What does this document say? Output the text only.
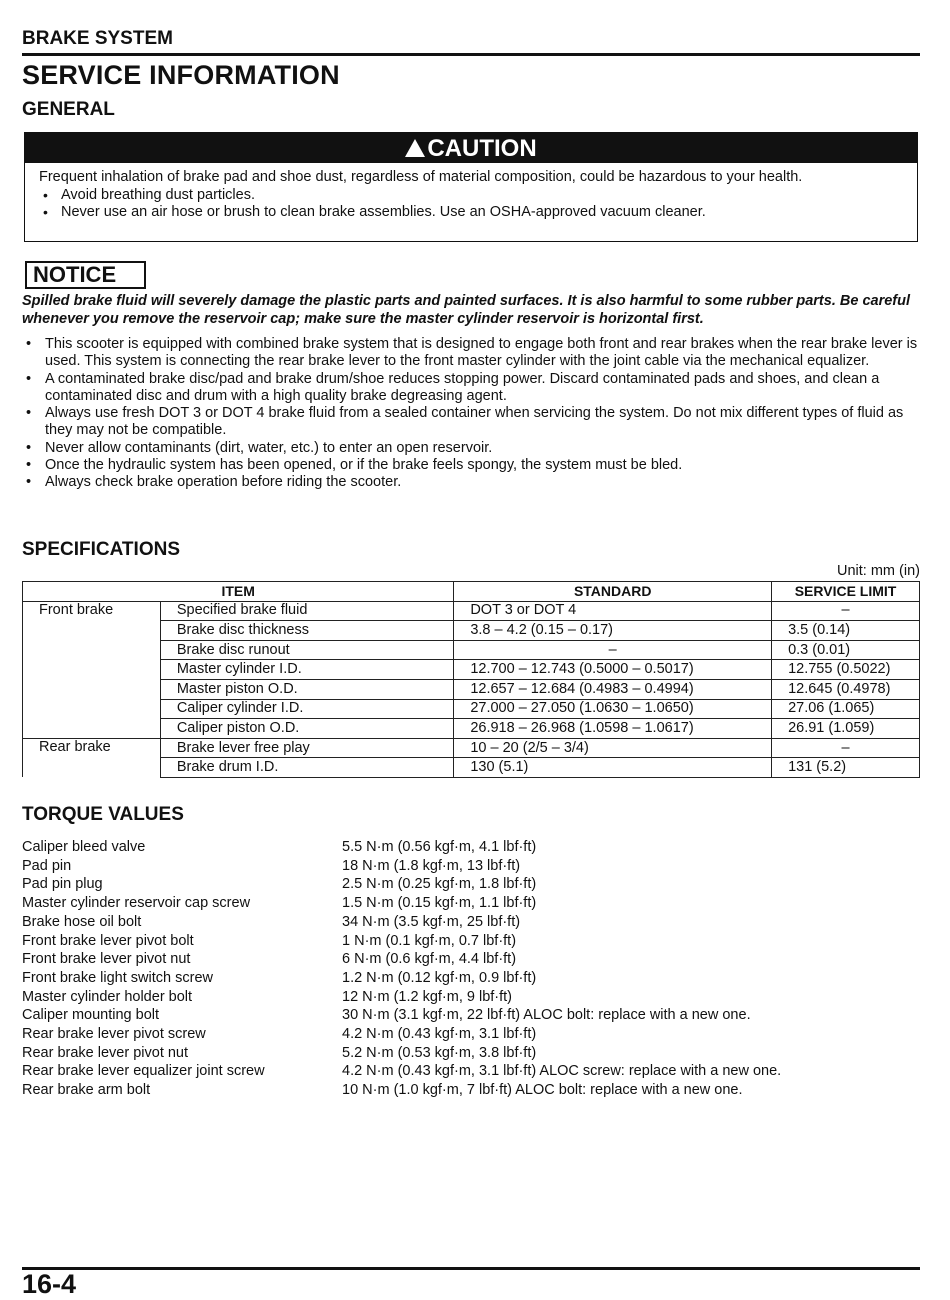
BRAKE SYSTEM
SERVICE INFORMATION
GENERAL
CAUTION
Frequent inhalation of brake pad and shoe dust, regardless of material composition, could be hazardous to your health.
• Avoid breathing dust particles.
• Never use an air hose or brush to clean brake assemblies. Use an OSHA-approved vacuum cleaner.
NOTICE
Spilled brake fluid will severely damage the plastic parts and painted surfaces. It is also harmful to some rubber parts. Be careful whenever you remove the reservoir cap; make sure the master cylinder reservoir is horizontal first.
• This scooter is equipped with combined brake system that is designed to engage both front and rear brakes when the rear brake lever is used. This system is connecting the rear brake lever to the front master cylinder with the joint cable via the mechanical equalizer.
• A contaminated brake disc/pad and brake drum/shoe reduces stopping power. Discard contaminated pads and shoes, and clean a contaminated disc and drum with a high quality brake degreasing agent.
• Always use fresh DOT 3 or DOT 4 brake fluid from a sealed container when servicing the system. Do not mix different types of fluid as they may not be compatible.
• Never allow contaminants (dirt, water, etc.) to enter an open reservoir.
• Once the hydraulic system has been opened, or if the brake feels spongy, the system must be bled.
• Always check brake operation before riding the scooter.
SPECIFICATIONS
Unit: mm (in)
ITEM		STANDARD	SERVICE LIMIT
Front brake	Specified brake fluid	DOT 3 or DOT 4	–
	Brake disc thickness	3.8 – 4.2 (0.15 – 0.17)	3.5 (0.14)
	Brake disc runout	–	0.3 (0.01)
	Master cylinder I.D.	12.700 – 12.743 (0.5000 – 0.5017)	12.755 (0.5022)
	Master piston O.D.	12.657 – 12.684 (0.4983 – 0.4994)	12.645 (0.4978)
	Caliper cylinder I.D.	27.000 – 27.050 (1.0630 – 1.0650)	27.06 (1.065)
	Caliper piston O.D.	26.918 – 26.968 (1.0598 – 1.0617)	26.91 (1.059)
Rear brake	Brake lever free play	10 – 20 (2/5 – 3/4)	–
	Brake drum I.D.	130 (5.1)	131 (5.2)
TORQUE VALUES
Caliper bleed valve	5.5 N·m (0.56 kgf·m, 4.1 lbf·ft)
Pad pin	18 N·m (1.8 kgf·m, 13 lbf·ft)
Pad pin plug	2.5 N·m (0.25 kgf·m, 1.8 lbf·ft)
Master cylinder reservoir cap screw	1.5 N·m (0.15 kgf·m, 1.1 lbf·ft)
Brake hose oil bolt	34 N·m (3.5 kgf·m, 25 lbf·ft)
Front brake lever pivot bolt	1 N·m (0.1 kgf·m, 0.7 lbf·ft)
Front brake lever pivot nut	6 N·m (0.6 kgf·m, 4.4 lbf·ft)
Front brake light switch screw	1.2 N·m (0.12 kgf·m, 0.9 lbf·ft)
Master cylinder holder bolt	12 N·m (1.2 kgf·m, 9 lbf·ft)
Caliper mounting bolt	30 N·m (3.1 kgf·m, 22 lbf·ft) ALOC bolt: replace with a new one.
Rear brake lever pivot screw	4.2 N·m (0.43 kgf·m, 3.1 lbf·ft)
Rear brake lever pivot nut	5.2 N·m (0.53 kgf·m, 3.8 lbf·ft)
Rear brake lever equalizer joint screw	4.2 N·m (0.43 kgf·m, 3.1 lbf·ft) ALOC screw: replace with a new one.
Rear brake arm bolt	10 N·m (1.0 kgf·m, 7 lbf·ft) ALOC bolt: replace with a new one.
16-4
